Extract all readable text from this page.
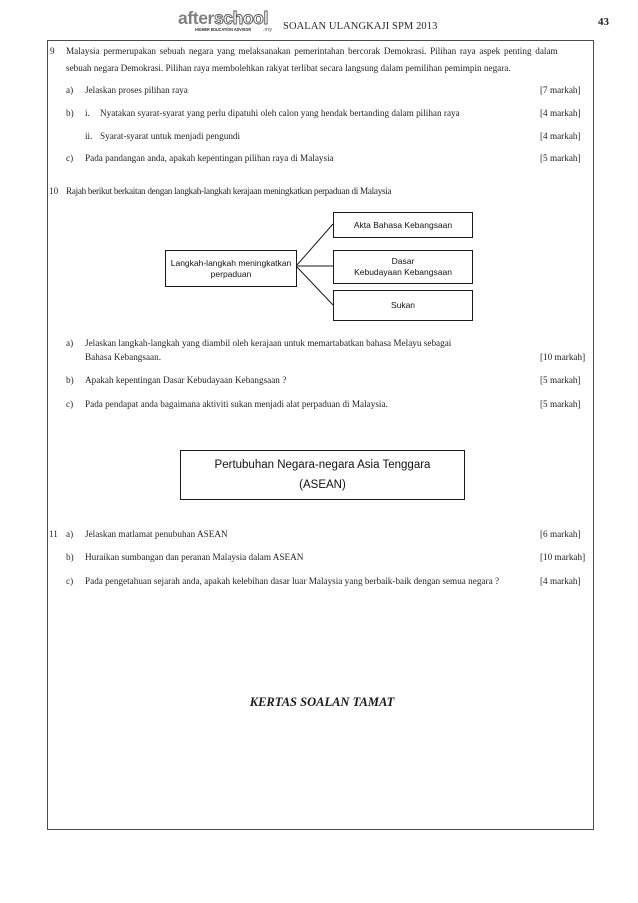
afterschool
HIGHER EDUCATION ADVISOR .my SOALAN ULANGKAJI SPM 2013	43
9 Malaysia permerupakan sebuah negara yang melaksanakan pemerintahan bercorak Demokrasi. Pilihan raya aspek penting dalam
sebuah negara Demokrasi. Pilihan raya membolehkan rakyat terlibat secara langsung dalam pemilihan pemimpin negara.
a) Jelaskan proses pilihan raya	[7 markah]
b) i. Nyatakan syarat-syarat yang perlu dipatuhi oleh calon yang hendak bertanding dalam pilihan raya	[4 markah]
ii. Syarat-syarat untuk menjadi pengundi	[4 markah]
c) Pada pandangan anda, apakah kepentingan pilihan raya di Malaysia	[5 markah]
10 Rajah berikut berkaitan dengan langkah-langkah kerajaan meningkatkan perpaduan di Malaysia
Langkah-langkah meningkatkan
perpaduan
Akta Bahasa Kebangsaan
Dasar
Kebudayaan Kebangsaan
Sukan
a) Jelaskan langkah-langkah yang diambil oleh kerajaan untuk memartabatkan bahasa Melayu sebagai
Bahasa Kebangsaan.	[10 markah]
b) Apakah kepentingan Dasar Kebudayaan Kebangsaan ?	[5 markah]
c) Pada pendapat anda bagaimana aktiviti sukan menjadi alat perpaduan di Malaysia.	[5 markah]
Pertubuhan Negara-negara Asia Tenggara
(ASEAN)
11 a) Jelaskan matlamat penubuhan ASEAN	[6 markah]
b) Huraikan sumbangan dan peranan Malaysia dalam ASEAN	[10 markah]
c) Pada pengetahuan sejarah anda, apakah kelebihan dasar luar Malaysia yang berbaik-baik dengan semua negara ?	[4 markah]
KERTAS SOALAN TAMAT
